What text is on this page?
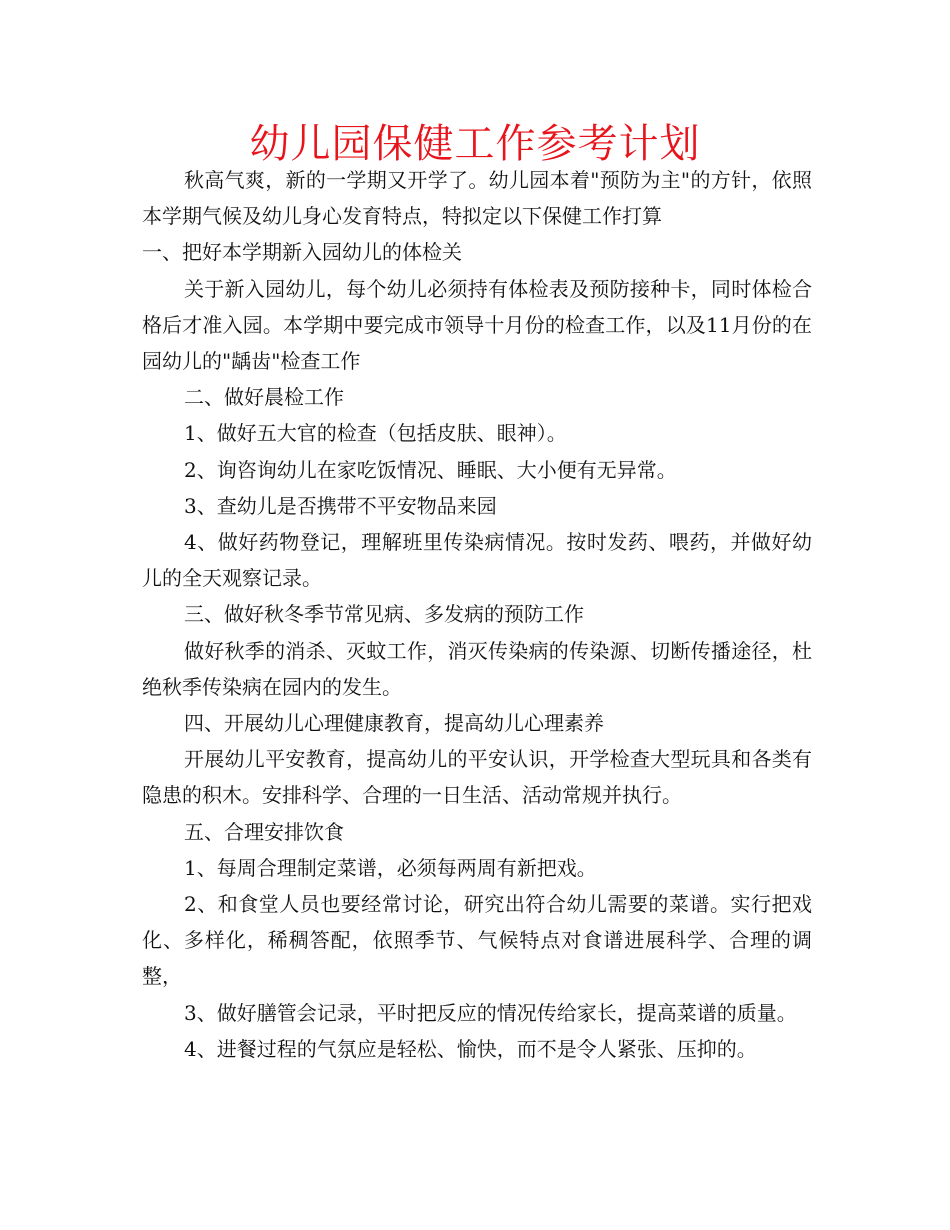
幼儿园保健工作参考计划

秋高气爽，新的一学期又开学了。幼儿园本着"预防为主"的方针，依照本学期气候及幼儿身心发育特点，特拟定以下保健工作打算

一、把好本学期新入园幼儿的体检关

关于新入园幼儿，每个幼儿必须持有体检表及预防接种卡，同时体检合格后才准入园。本学期中要完成市领导十月份的检查工作，以及11月份的在园幼儿的"龋齿"检查工作

二、做好晨检工作

1、做好五大官的检查（包括皮肤、眼神）。

2、询咨询幼儿在家吃饭情况、睡眠、大小便有无异常。

3、查幼儿是否携带不平安物品来园

4、做好药物登记，理解班里传染病情况。按时发药、喂药，并做好幼儿的全天观察记录。

三、做好秋冬季节常见病、多发病的预防工作

做好秋季的消杀、灭蚊工作，消灭传染病的传染源、切断传播途径，杜绝秋季传染病在园内的发生。

四、开展幼儿心理健康教育，提高幼儿心理素养

开展幼儿平安教育，提高幼儿的平安认识，开学检查大型玩具和各类有隐患的积木。安排科学、合理的一日生活、活动常规并执行。

五、合理安排饮食

1、每周合理制定菜谱，必须每两周有新把戏。

2、和食堂人员也要经常讨论，研究出符合幼儿需要的菜谱。实行把戏化、多样化，稀稠答配，依照季节、气候特点对食谱进展科学、合理的调整，

3、做好膳管会记录，平时把反应的情况传给家长，提高菜谱的质量。

4、进餐过程的气氛应是轻松、愉快，而不是令人紧张、压抑的。
